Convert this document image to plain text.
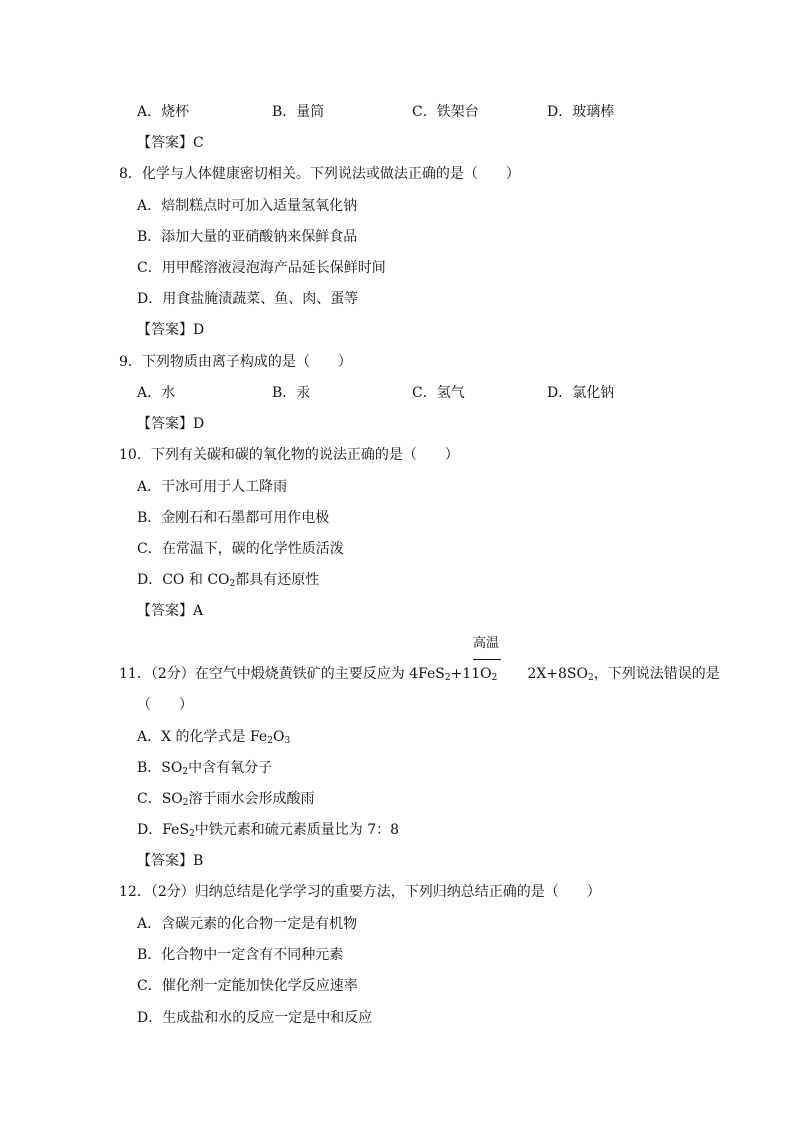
A．烧杯	B．量筒	C．铁架台	D．玻璃棒
【答案】C
8．化学与人体健康密切相关。下列说法或做法正确的是（　　）
A．焙制糕点时可加入适量氢氧化钠
B．添加大量的亚硝酸钠来保鲜食品
C．用甲醛溶液浸泡海产品延长保鲜时间
D．用食盐腌渍蔬菜、鱼、肉、蛋等
【答案】D
9．下列物质由离子构成的是（　　）
A．水	B．汞	C．氢气	D．氯化钠
【答案】D
10．下列有关碳和碳的氧化物的说法正确的是（　　）
A．干冰可用于人工降雨
B．金刚石和石墨都可用作电极
C．在常温下，碳的化学性质活泼
D．CO 和 $CO_2$都具有还原性
【答案】A
高温
11．（2分）在空气中煅烧黄铁矿的主要反应为 $4FeS_2+11O_2$ $2X+8SO_2$，下列说法错误的是
（　　）
A．X 的化学式是 $Fe_2O_3$
B．$SO_2$中含有氧分子
C．$SO_2$溶于雨水会形成酸雨
D．FeS$_2$中铁元素和硫元素质量比为 7：8
【答案】B
12．（2分）归纳总结是化学学习的重要方法，下列归纳总结正确的是（　　）
A．含碳元素的化合物一定是有机物
B．化合物中一定含有不同种元素
C．催化剂一定能加快化学反应速率
D．生成盐和水的反应一定是中和反应
